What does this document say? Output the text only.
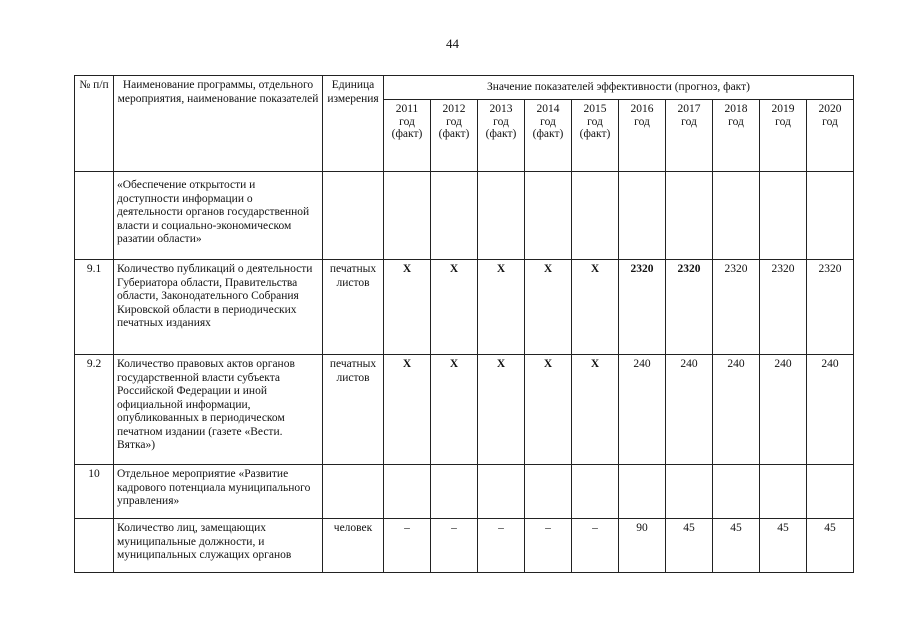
44
№ п/п	Наименование программы, отдельного мероприятия, наименование показателей	Единица измерения	Значение показателей эффективности (прогноз, факт)									
			2011 год (факт)	2012 год (факт)	2013 год (факт)	2014 год (факт)	2015 год (факт)	2016 год	2017 год	2018 год	2019 год	2020 год
	«Обеспечение открытости и доступности информации о деятельности органов государственной власти и социально-экономическом разатии области»											
9.1	Количество публикаций о деятельности Губериатора области, Правительства области, Законодательного Собрания Кировской области в периодических печатных изданиях	печатных листов	X	X	X	X	X	2320	2320	2320	2320	2320
9.2	Количество правовых актов органов государственной власти субъекта Российской Федерации и иной официальной информации, опубликованных в периодическом печатном издании (газете «Вести. Вятка»)	печатных листов	X	X	X	X	X	240	240	240	240	240
10	Отдельное мероприятие «Развитие кадрового потенциала муниципального управления»											
	Количество лиц, замещающих муниципальные должности, и муниципальных служащих органов	человек	–	–	–	–	–	90	45	45	45	45
